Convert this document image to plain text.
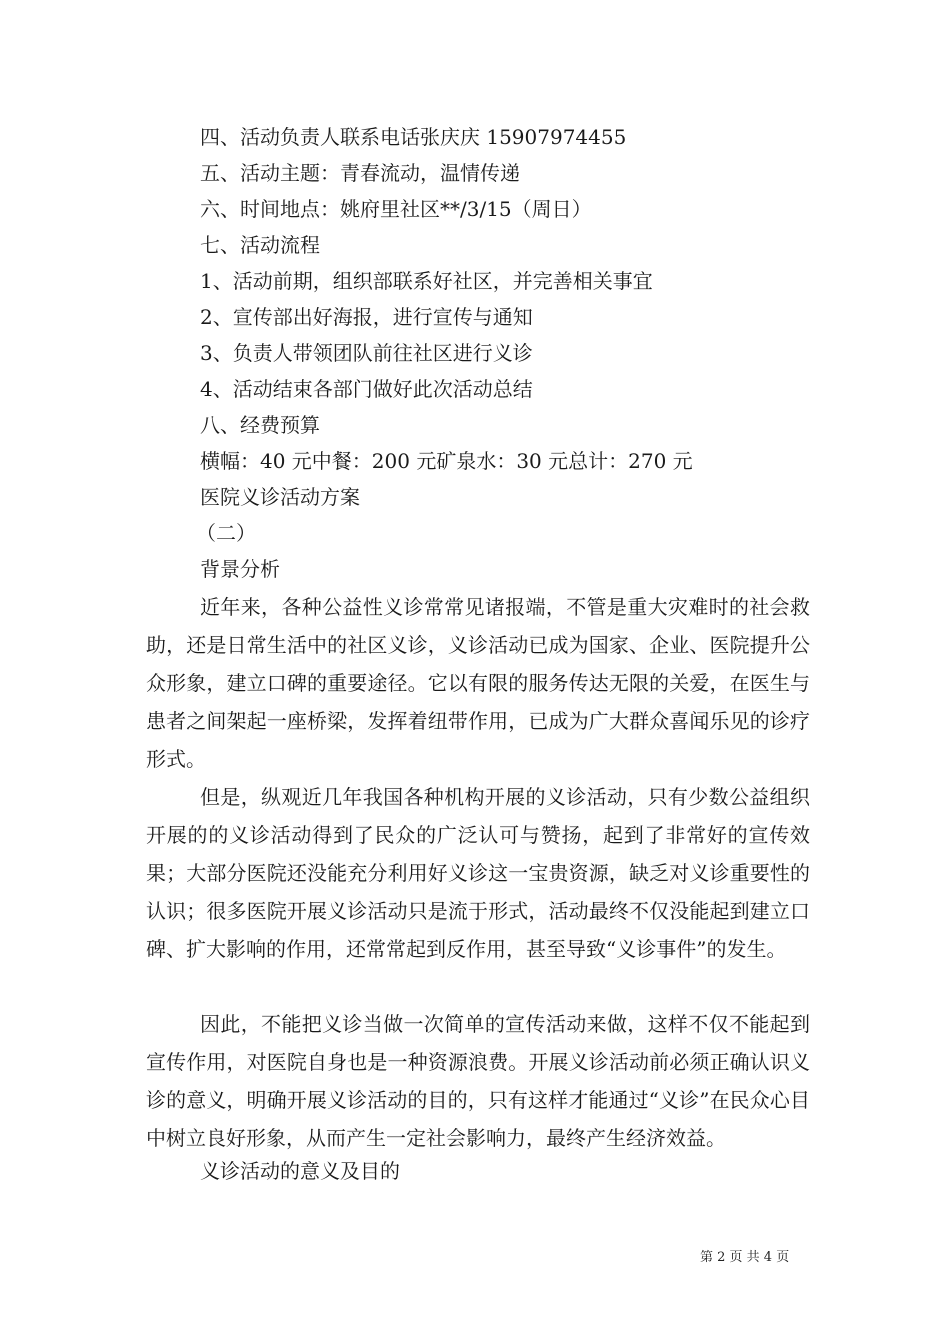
四、活动负责人联系电话张庆庆 15907974455
五、活动主题：青春流动，温情传递
六、时间地点：姚府里社区**/3/15（周日）
七、活动流程
1、活动前期，组织部联系好社区，并完善相关事宜
2、宣传部出好海报，进行宣传与通知
3、负责人带领团队前往社区进行义诊
4、活动结束各部门做好此次活动总结
八、经费预算
横幅：40 元中餐：200 元矿泉水：30 元总计：270 元
医院义诊活动方案
（二）
背景分析
近年来，各种公益性义诊常常见诸报端，不管是重大灾难时的社会救助，还是日常生活中的社区义诊，义诊活动已成为国家、企业、医院提升公众形象，建立口碑的重要途径。它以有限的服务传达无限的关爱，在医生与患者之间架起一座桥梁，发挥着纽带作用，已成为广大群众喜闻乐见的诊疗形式。
但是，纵观近几年我国各种机构开展的义诊活动，只有少数公益组织开展的的义诊活动得到了民众的广泛认可与赞扬，起到了非常好的宣传效果；大部分医院还没能充分利用好义诊这一宝贵资源，缺乏对义诊重要性的认识；很多医院开展义诊活动只是流于形式，活动最终不仅没能起到建立口碑、扩大影响的作用，还常常起到反作用，甚至导致“义诊事件”的发生。
因此，不能把义诊当做一次简单的宣传活动来做，这样不仅不能起到宣传作用，对医院自身也是一种资源浪费。开展义诊活动前必须正确认识义诊的意义，明确开展义诊活动的目的，只有这样才能通过“义诊”在民众心目中树立良好形象，从而产生一定社会影响力，最终产生经济效益。
义诊活动的意义及目的
第 2 页 共 4 页
